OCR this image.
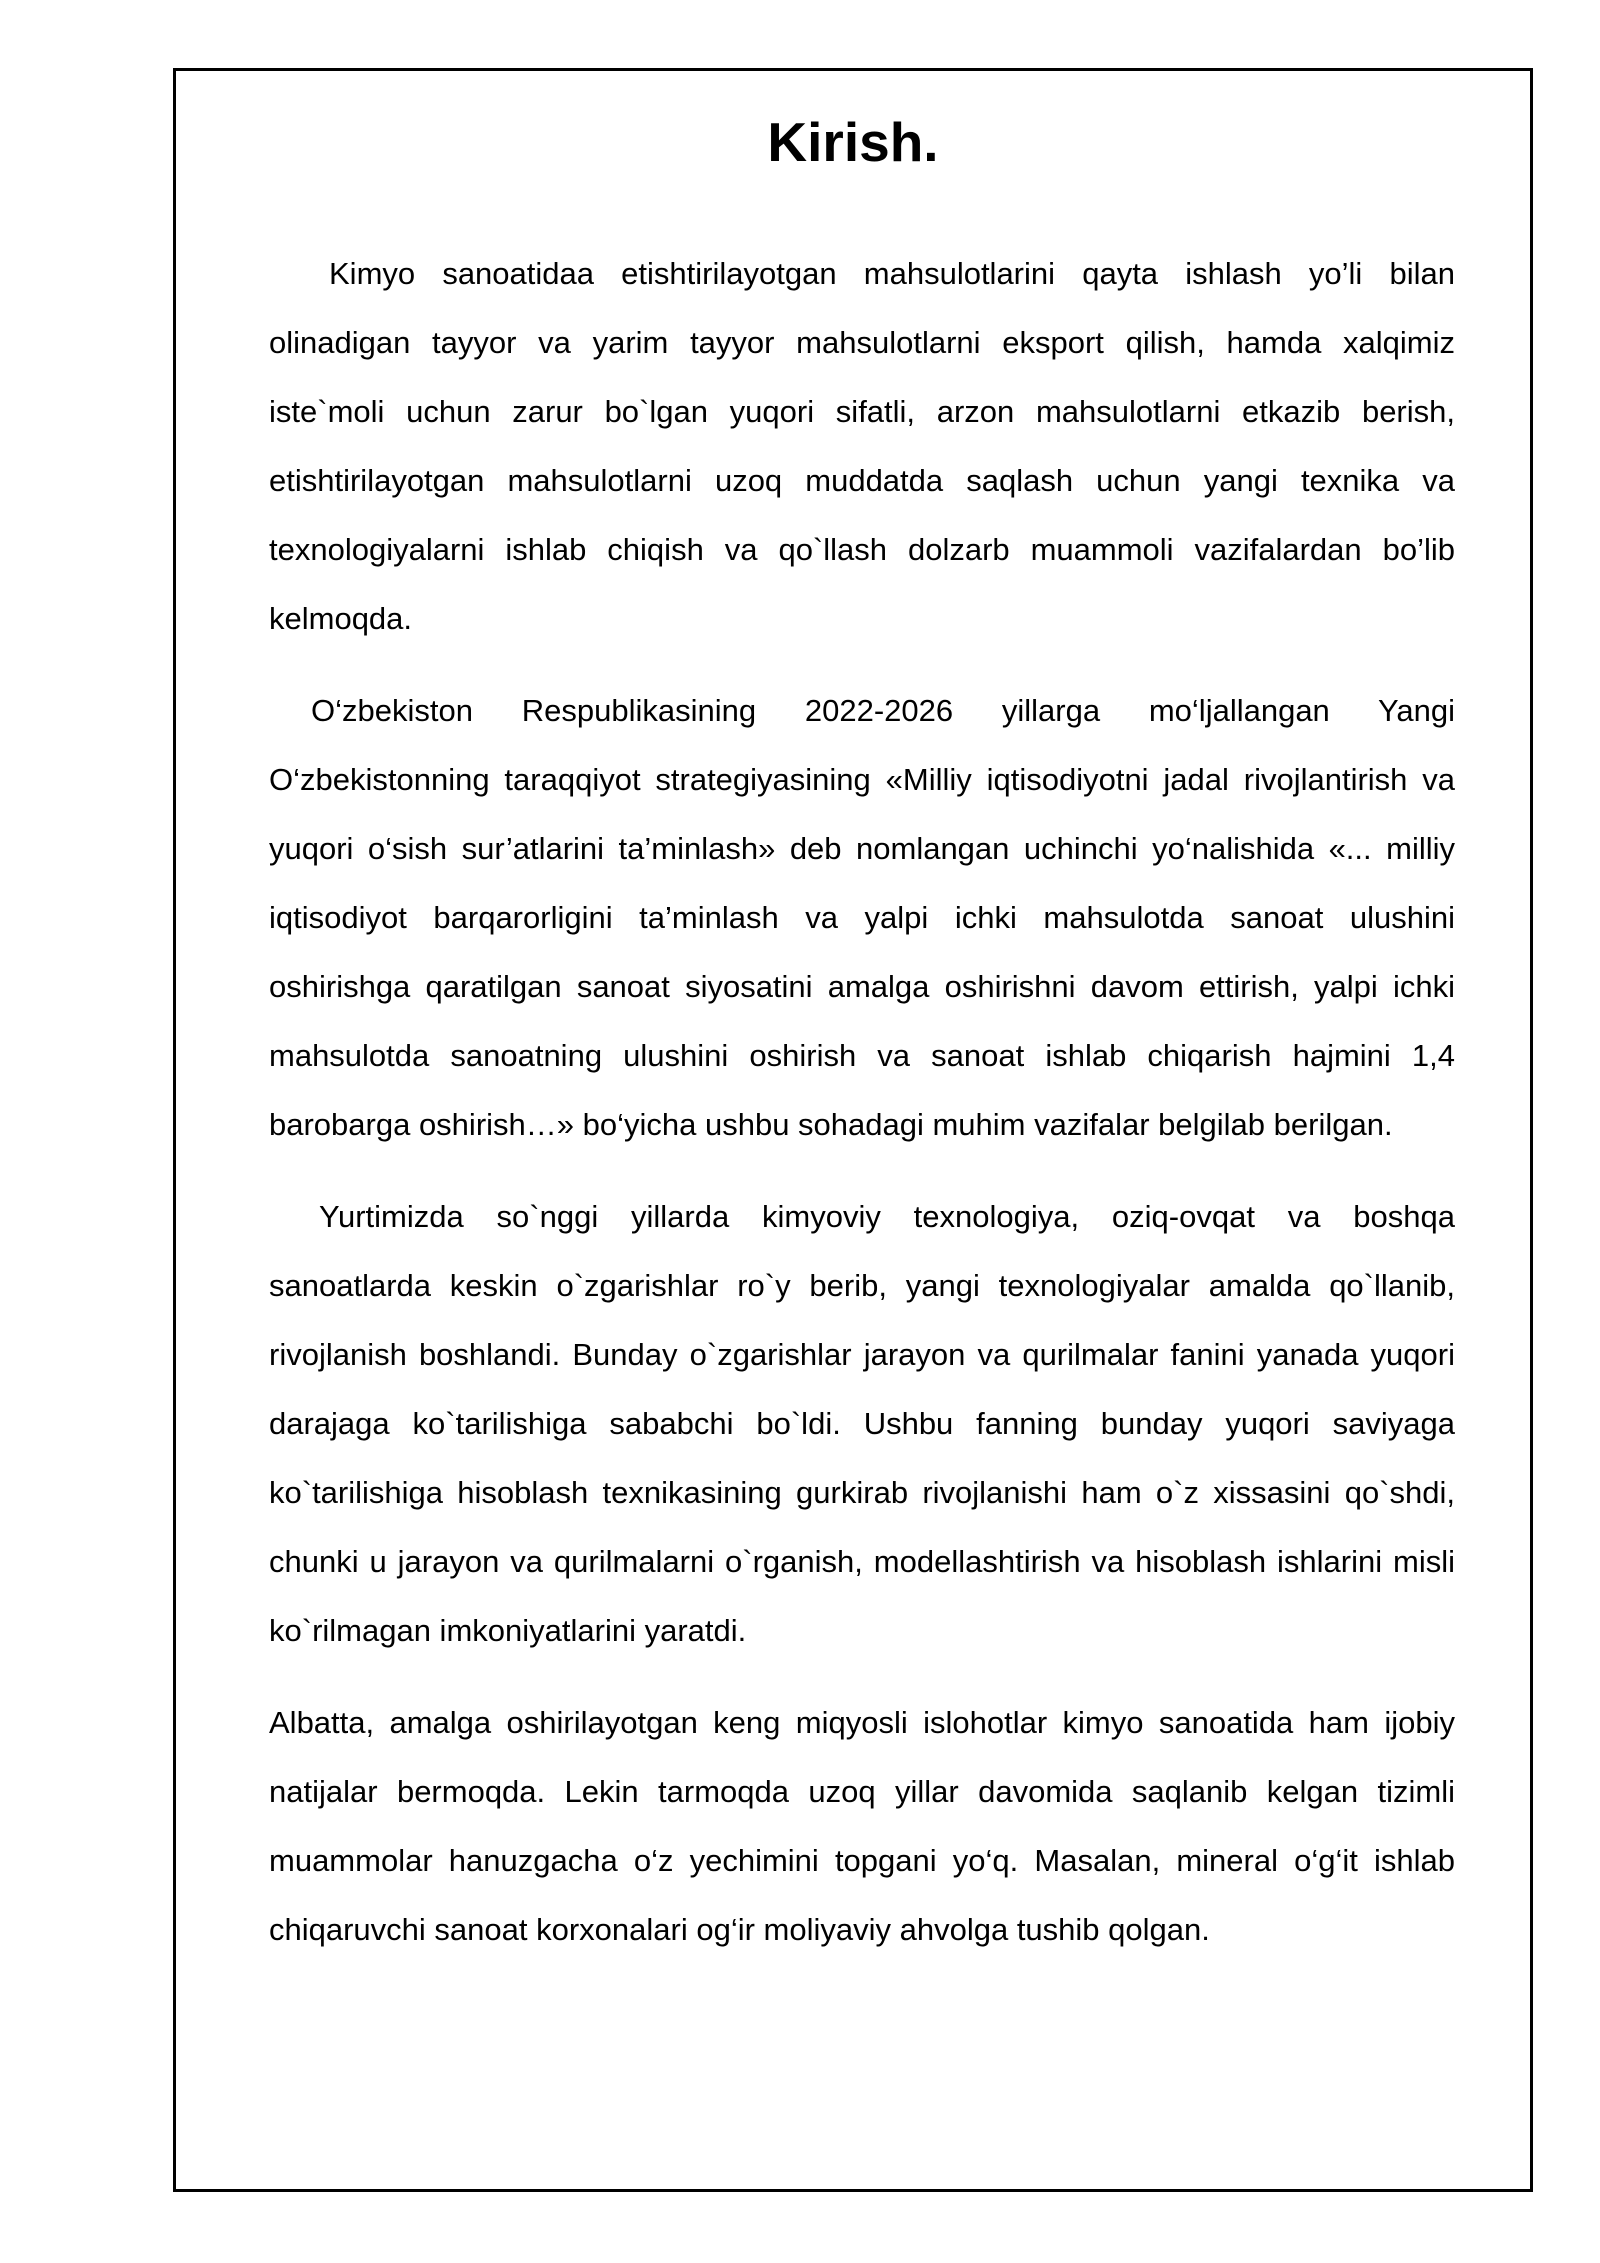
Kirish.

Kimyo sanoatidaa etishtirilayotgan mahsulotlarini qayta ishlash yo’li bilan olinadigan tayyor va yarim tayyor mahsulotlarni eksport qilish, hamda xalqimiz iste`moli uchun zarur bo`lgan yuqori sifatli, arzon mahsulotlarni etkazib berish, etishtirilayotgan mahsulotlarni uzoq muddatda saqlash uchun yangi texnika va texnologiyalarni ishlab chiqish va qo`llash dolzarb muammoli vazifalardan bo’lib kelmoqda.

O‘zbekiston Respublikasining 2022-2026 yillarga mo‘ljallangan Yangi O‘zbekistonning taraqqiyot strategiyasining «Milliy iqtisodiyotni jadal rivojlantirish va yuqori o‘sish sur’atlarini ta’minlash» deb nomlangan uchinchi yo‘nalishida «... milliy iqtisodiyot barqarorligini ta’minlash va yalpi ichki mahsulotda sanoat ulushini oshirishga qaratilgan sanoat siyosatini amalga oshirishni davom ettirish, yalpi ichki mahsulotda sanoatning ulushini oshirish va sanoat ishlab chiqarish hajmini 1,4 barobarga oshirish…» bo‘yicha ushbu sohadagi muhim vazifalar belgilab berilgan.

Yurtimizda so`nggi yillarda kimyoviy texnologiya, oziq-ovqat va boshqa sanoatlarda keskin o`zgarishlar ro`y berib, yangi texnologiyalar amalda qo`llanib, rivojlanish boshlandi. Bunday o`zgarishlar jarayon va qurilmalar fanini yanada yuqori darajaga ko`tarilishiga sababchi bo`ldi. Ushbu fanning bunday yuqori saviyaga ko`tarilishiga hisoblash texnikasining gurkirab rivojlanishi ham o`z xissasini qo`shdi, chunki u jarayon va qurilmalarni o`rganish, modellashtirish va hisoblash ishlarini misli ko`rilmagan imkoniyatlarini yaratdi.

Albatta, amalga oshirilayotgan keng miqyosli islohotlar kimyo sanoatida ham ijobiy natijalar bermoqda. Lekin tarmoqda uzoq yillar davomida saqlanib kelgan tizimli muammolar hanuzgacha o‘z yechimini topgani yo‘q. Masalan, mineral o‘g‘it ishlab chiqaruvchi sanoat korxonalari og‘ir moliyaviy ahvolga tushib qolgan.
